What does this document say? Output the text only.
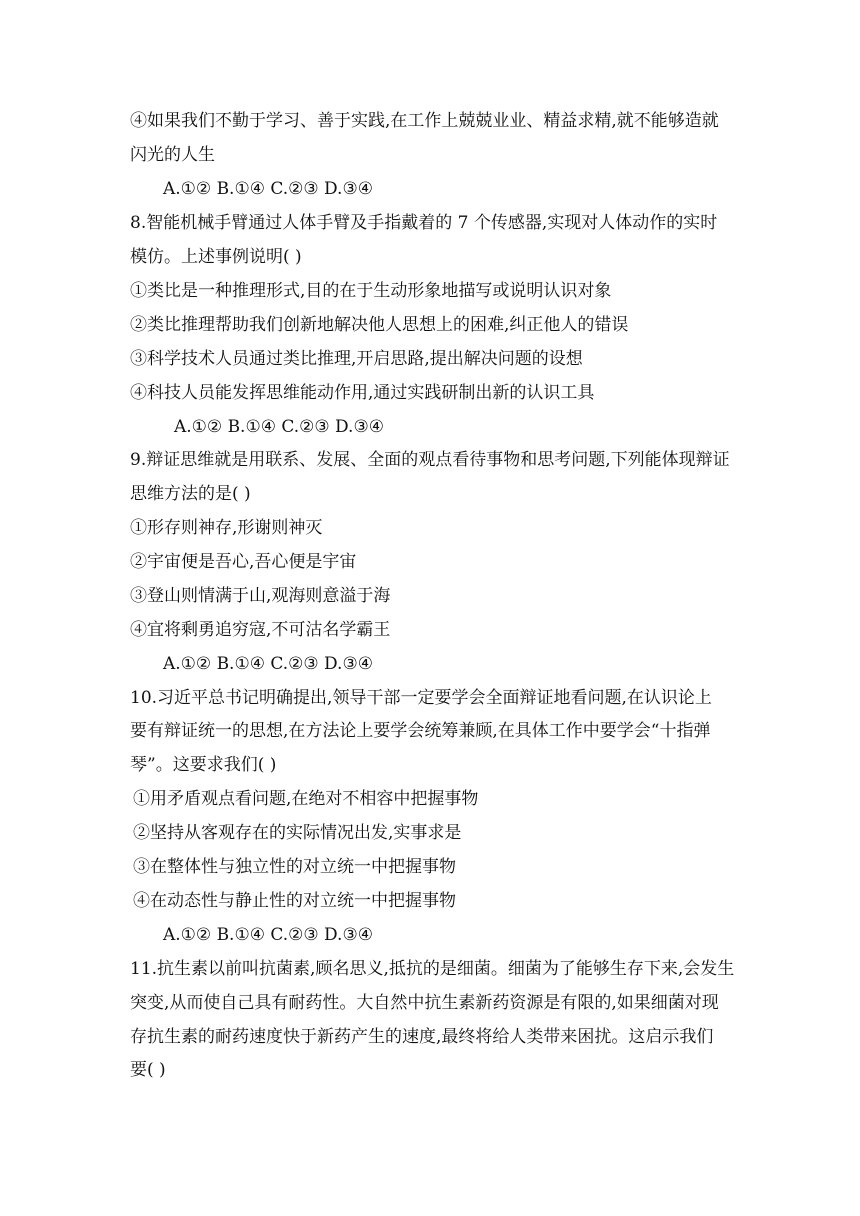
④如果我们不勤于学习、善于实践,在工作上兢兢业业、精益求精,就不能够造就
闪光的人生
A.①② B.①④ C.②③ D.③④
8.智能机械手臂通过人体手臂及手指戴着的 7 个传感器,实现对人体动作的实时
模仿。上述事例说明( )
①类比是一种推理形式,目的在于生动形象地描写或说明认识对象
②类比推理帮助我们创新地解决他人思想上的困难,纠正他人的错误
③科学技术人员通过类比推理,开启思路,提出解决问题的设想
④科技人员能发挥思维能动作用,通过实践研制出新的认识工具
A.①② B.①④ C.②③ D.③④
9.辩证思维就是用联系、发展、全面的观点看待事物和思考问题,下列能体现辩证
思维方法的是( )
①形存则神存,形谢则神灭
②宇宙便是吾心,吾心便是宇宙
③登山则情满于山,观海则意溢于海
④宜将剩勇追穷寇,不可沽名学霸王
A.①② B.①④ C.②③ D.③④
10.习近平总书记明确提出,领导干部一定要学会全面辩证地看问题,在认识论上
要有辩证统一的思想,在方法论上要学会统筹兼顾,在具体工作中要学会“十指弹
琴”。这要求我们( )
①用矛盾观点看问题,在绝对不相容中把握事物
②坚持从客观存在的实际情况出发,实事求是
③在整体性与独立性的对立统一中把握事物
④在动态性与静止性的对立统一中把握事物
A.①② B.①④ C.②③ D.③④
11.抗生素以前叫抗菌素,顾名思义,抵抗的是细菌。细菌为了能够生存下来,会发生
突变,从而使自己具有耐药性。大自然中抗生素新药资源是有限的,如果细菌对现
存抗生素的耐药速度快于新药产生的速度,最终将给人类带来困扰。这启示我们
要( )
